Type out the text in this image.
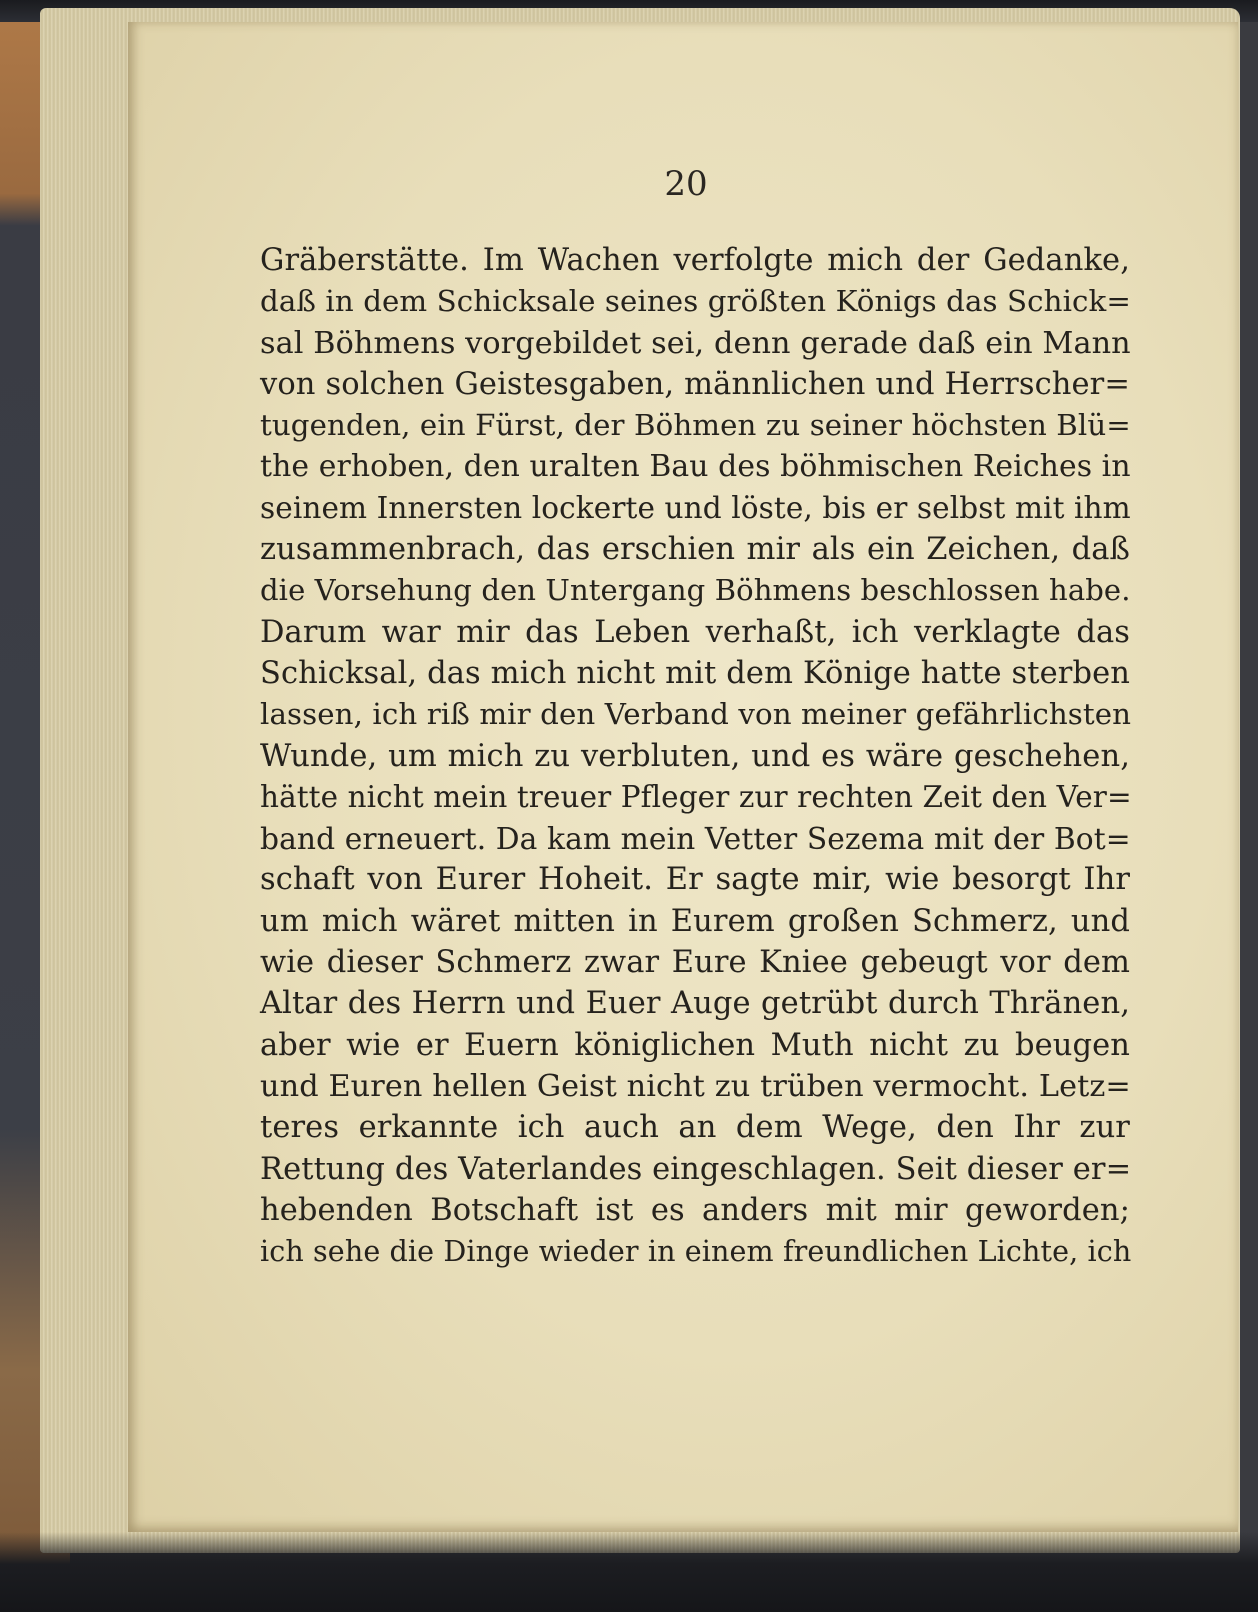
20

Gräberstätte. Im Wachen verfolgte mich der Gedanke,
daß in dem Schicksale seines größten Königs das Schick=
sal Böhmens vorgebildet sei, denn gerade daß ein Mann
von solchen Geistesgaben, männlichen und Herrscher=
tugenden, ein Fürst, der Böhmen zu seiner höchsten Blü=
the erhoben, den uralten Bau des böhmischen Reiches in
seinem Innersten lockerte und löste, bis er selbst mit ihm
zusammenbrach, das erschien mir als ein Zeichen, daß
die Vorsehung den Untergang Böhmens beschlossen habe.
Darum war mir das Leben verhaßt, ich verklagte das
Schicksal, das mich nicht mit dem Könige hatte sterben
lassen, ich riß mir den Verband von meiner gefährlichsten
Wunde, um mich zu verbluten, und es wäre geschehen,
hätte nicht mein treuer Pfleger zur rechten Zeit den Ver=
band erneuert. Da kam mein Vetter Sezema mit der Bot=
schaft von Eurer Hoheit. Er sagte mir, wie besorgt Ihr
um mich wäret mitten in Eurem großen Schmerz, und
wie dieser Schmerz zwar Eure Kniee gebeugt vor dem
Altar des Herrn und Euer Auge getrübt durch Thränen,
aber wie er Euern königlichen Muth nicht zu beugen
und Euren hellen Geist nicht zu trüben vermocht. Letz=
teres erkannte ich auch an dem Wege, den Ihr zur
Rettung des Vaterlandes eingeschlagen. Seit dieser er=
hebenden Botschaft ist es anders mit mir geworden;
ich sehe die Dinge wieder in einem freundlichen Lichte, ich
